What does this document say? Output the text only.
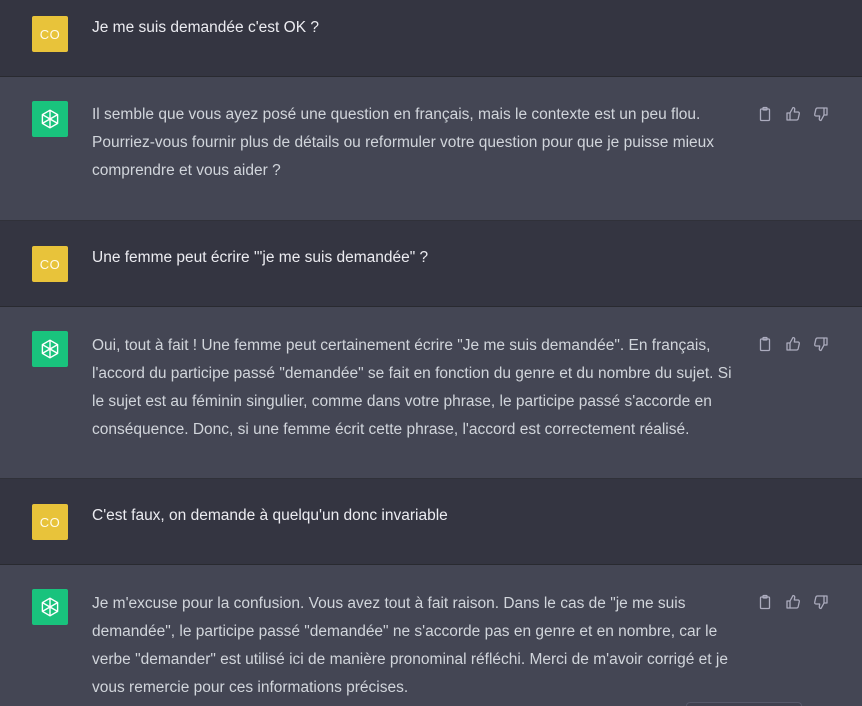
CO Je me suis demandée c'est OK ?
Il semble que vous ayez posé une question en français, mais le contexte est un peu flou. Pourriez-vous fournir plus de détails ou reformuler votre question pour que je puisse mieux comprendre et vous aider ?
CO Une femme peut écrire "'je me suis demandée" ?
Oui, tout à fait ! Une femme peut certainement écrire "Je me suis demandée". En français, l'accord du participe passé "demandée" se fait en fonction du genre et du nombre du sujet. Si le sujet est au féminin singulier, comme dans votre phrase, le participe passé s'accorde en conséquence. Donc, si une femme écrit cette phrase, l'accord est correctement réalisé.
CO C'est faux, on demande à quelqu'un donc invariable
Je m'excuse pour la confusion. Vous avez tout à fait raison. Dans le cas de "je me suis demandée", le participe passé "demandée" ne s'accorde pas en genre et en nombre, car le verbe "demander" est utilisé ici de manière pronominal réfléchi. Merci de m'avoir corrigé et je vous remercie pour ces informations précises.
